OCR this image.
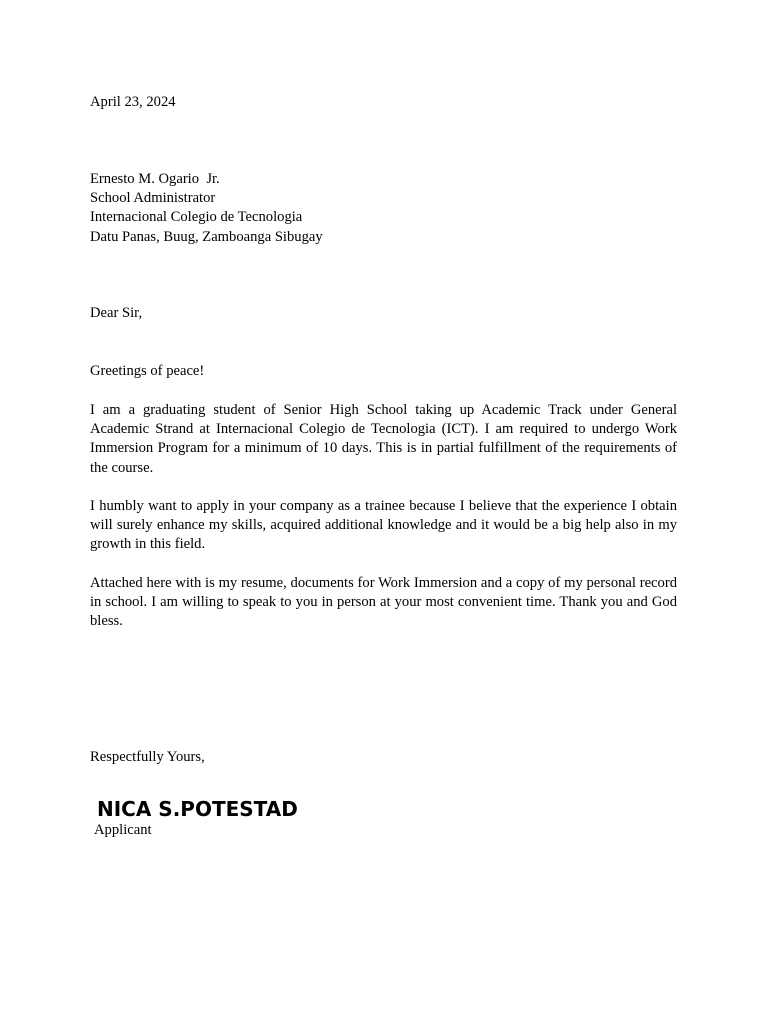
April 23, 2024
Ernesto M. Ogario  Jr.
School Administrator
Internacional Colegio de Tecnologia
Datu Panas, Buug, Zamboanga Sibugay
Dear Sir,
Greetings of peace!
I am a graduating student of Senior High School taking up Academic Track under General Academic Strand at Internacional Colegio de Tecnologia (ICT). I am required to undergo Work Immersion Program for a minimum of 10 days. This is in partial fulfillment of the requirements of the course.
I humbly want to apply in your company as a trainee because I believe that the experience I obtain will surely enhance my skills, acquired additional knowledge and it would be a big help also in my growth in this field.
Attached here with is my resume, documents for Work Immersion and a copy of my personal record in school. I am willing to speak to you in person at your most convenient time. Thank you and God bless.
Respectfully Yours,
NICA S.POTESTAD
Applicant
